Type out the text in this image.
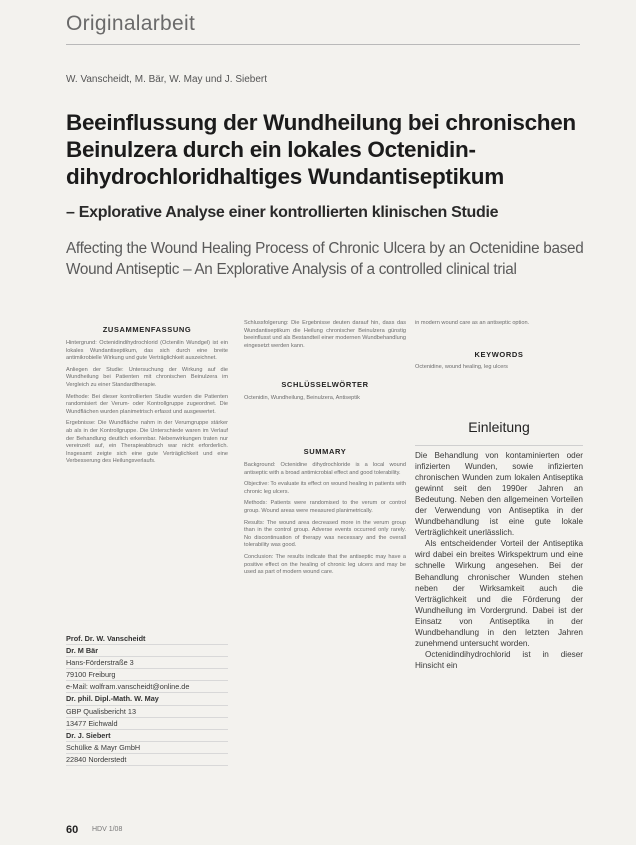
Originalarbeit
W. Vanscheidt, M. Bär, W. May und J. Siebert
Beeinflussung der Wundheilung bei chronischen Beinulzera durch ein lokales Octenidin-dihydrochloridhaltiges Wundantiseptikum
– Explorative Analyse einer kontrollierten klinischen Studie
Affecting the Wound Healing Process of Chronic Ulcera by an Octenidine based Wound Antiseptic – An Explorative Analysis of a controlled clinical trial
ZUSAMMENFASSUNG

Hintergrund: Octenidindihydrochlorid (Octenilin Wundgel) ist ein lokales Wundantiseptikum, das sich durch eine breite antimikrobielle Wirkung und gute Verträglichkeit auszeichnet.

Anliegen der Studie: Untersuchung der Wirkung auf die Wundheilung bei Patienten mit chronischen Beinulzera im Vergleich zu einer Standardtherapie.

Methode: Bei dieser kontrollierten Studie wurden die Patienten randomisiert der Verum- oder Kontrollgruppe zugeordnet. Die Wundflächen wurden planimetrisch erfasst und ausgewertet.

Ergebnisse: Die Wundfläche nahm in der Verumgruppe stärker ab als in der Kontrollgruppe. Die Unterschiede waren im Verlauf der Behandlung deutlich erkennbar. Nebenwirkungen traten nur vereinzelt auf, ein Therapieabbruch war nicht erforderlich. Insgesamt zeigte sich eine gute Verträglichkeit und eine Verbesserung des Heilungsverlaufs.

Prof. Dr. W. Vanscheidt
Dr. M Bär
Hans-Förderstraße 3
79100 Freiburg
e-Mail: wolfram.vanscheidt@online.de
Dr. phil. Dipl.-Math. W. May
GBP Qualisbericht 13
13477 Eichwald
Dr. J. Siebert
Schülke & Mayr GmbH
22840 Norderstedt

Schlussfolgerung: Die Ergebnisse deuten darauf hin, dass das Wundantiseptikum die Heilung chronischer Beinulzera günstig beeinflusst und als Bestandteil einer modernen Wundbehandlung eingesetzt werden kann.

SCHLÜSSELWÖRTER

Octenidin, Wundheilung, Beinulzera, Antiseptik

SUMMARY

Background: Octenidine dihydrochloride is a local wound antiseptic with a broad antimicrobial effect and good tolerability.

Objective: To evaluate its effect on wound healing in patients with chronic leg ulcers.

Methods: Patients were randomised to the verum or control group. Wound areas were measured planimetrically.

Results: The wound area decreased more in the verum group than in the control group. Adverse events occurred only rarely. No discontinuation of therapy was necessary and the overall tolerability was good.

Conclusion: The results indicate that the antiseptic may have a positive effect on the healing of chronic leg ulcers and may be used as part of modern wound care.

in modern wound care as an antiseptic option.

KEYWORDS

Octenidine, wound healing, leg ulcers

Einleitung

Die Behandlung von kontaminierten oder infizierten Wunden, sowie infizierten chronischen Wunden zum lokalen Antiseptika gewinnt seit den 1990er Jahren an Bedeutung. Neben den allgemeinen Vorteilen der Verwendung von Antiseptika in der Wundbehandlung ist eine gute lokale Verträglichkeit unerlässlich.

Als entscheidender Vorteil der Antiseptika wird dabei ein breites Wirkspektrum und eine schnelle Wirkung angesehen. Bei der Behandlung chronischer Wunden stehen neben der Wirksamkeit auch die Verträglichkeit und die Förderung der Wundheilung im Vordergrund. Dabei ist der Einsatz von Antiseptika in der Wundbehandlung in den letzten Jahren zunehmend untersucht worden.

Octenidindihydrochlorid ist in dieser Hinsicht ein

60 HDV 1/08
